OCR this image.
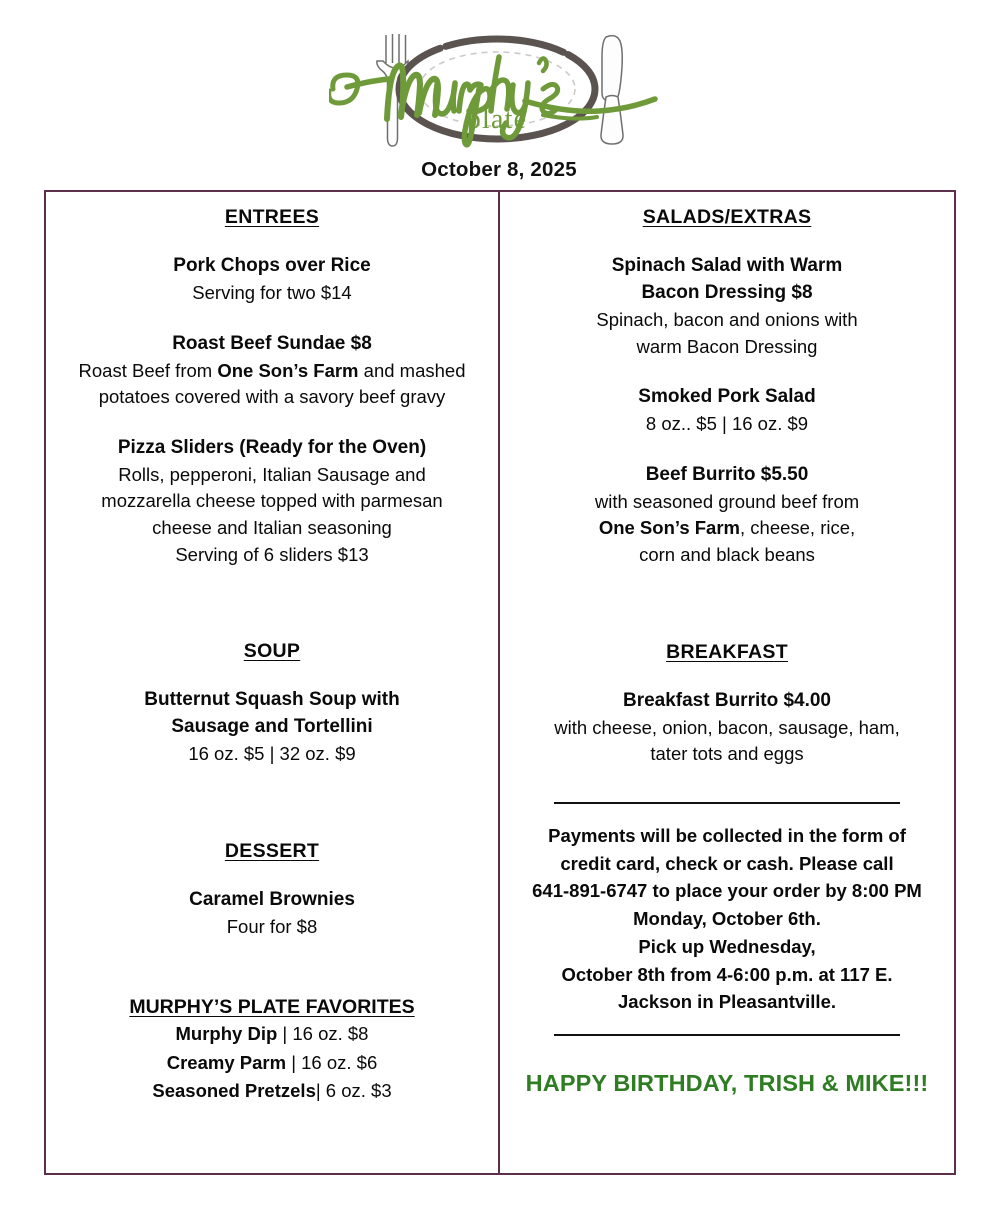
plate
October 8, 2025
ENTREES
Pork Chops over Rice
Serving for two $14
Roast Beef Sundae $8
Roast Beef from One Son’s Farm and mashed
potatoes covered with a savory beef gravy
Pizza Sliders (Ready for the Oven)
Rolls, pepperoni, Italian Sausage and
mozzarella cheese topped with parmesan
cheese and Italian seasoning
Serving of 6 sliders $13
SOUP
Butternut Squash Soup with
Sausage and Tortellini
16 oz. $5 | 32 oz. $9
DESSERT
Caramel Brownies
Four for $8
MURPHY’S PLATE FAVORITES
Murphy Dip | 16 oz. $8
Creamy Parm | 16 oz. $6
Seasoned Pretzels| 6 oz. $3
SALADS/EXTRAS
Spinach Salad with Warm
Bacon Dressing $8
Spinach, bacon and onions with
warm Bacon Dressing
Smoked Pork Salad
8 oz.. $5 | 16 oz. $9
Beef Burrito $5.50
with seasoned ground beef from
One Son’s Farm, cheese, rice,
corn and black beans
BREAKFAST
Breakfast Burrito $4.00
with cheese, onion, bacon, sausage, ham,
tater tots and eggs
Payments will be collected in the form of
credit card, check or cash. Please call
641-891-6747 to place your order by 8:00 PM
Monday, October 6th.
Pick up Wednesday,
October 8th from 4-6:00 p.m. at 117 E.
Jackson in Pleasantville.
HAPPY BIRTHDAY, TRISH & MIKE!!!
